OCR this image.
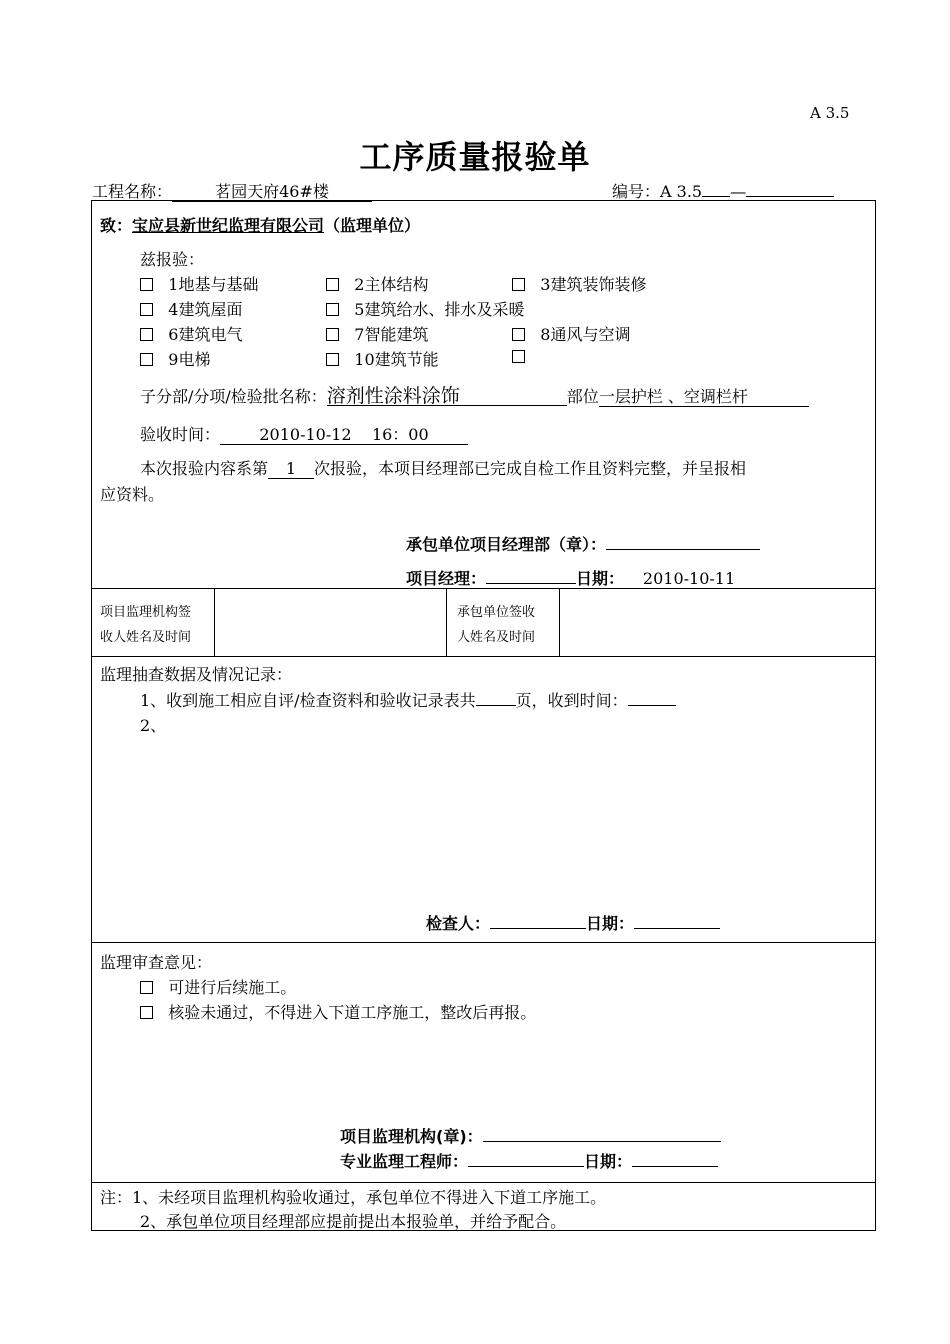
A 3.5
工序质量报验单
工程名称：	茗园天府46#楼	编号：A 3.5 —
致：宝应县新世纪监理有限公司（监理单位）
兹报验：
1地基与基础	2主体结构	3建筑装饰装修
4建筑屋面	5建筑给水、排水及采暖
6建筑电气	7智能建筑	8通风与空调
9电梯	10建筑节能
子分部/分项/检验批名称：溶剂性涂料涂饰	部位一层护栏 、空调栏杆
验收时间： 2010-10-12    16：00
本次报验内容系第 1 次报验，本项目经理部已完成自检工作且资料完整，并呈报相
应资料。
承包单位项目经理部（章）：
项目经理：	日期： 2010-10-11
项目监理机构签
收人姓名及时间
承包单位签收
人姓名及时间
监理抽查数据及情况记录：
1、收到施工相应自评/检查资料和验收记录表共	页，收到时间：
2、
检查人：	日期：
监理审查意见：
可进行后续施工。
核验未通过，不得进入下道工序施工，整改后再报。
项目监理机构(章)：
专业监理工程师：	日期：
注：1、未经项目监理机构验收通过，承包单位不得进入下道工序施工。
2、承包单位项目经理部应提前提出本报验单，并给予配合。
